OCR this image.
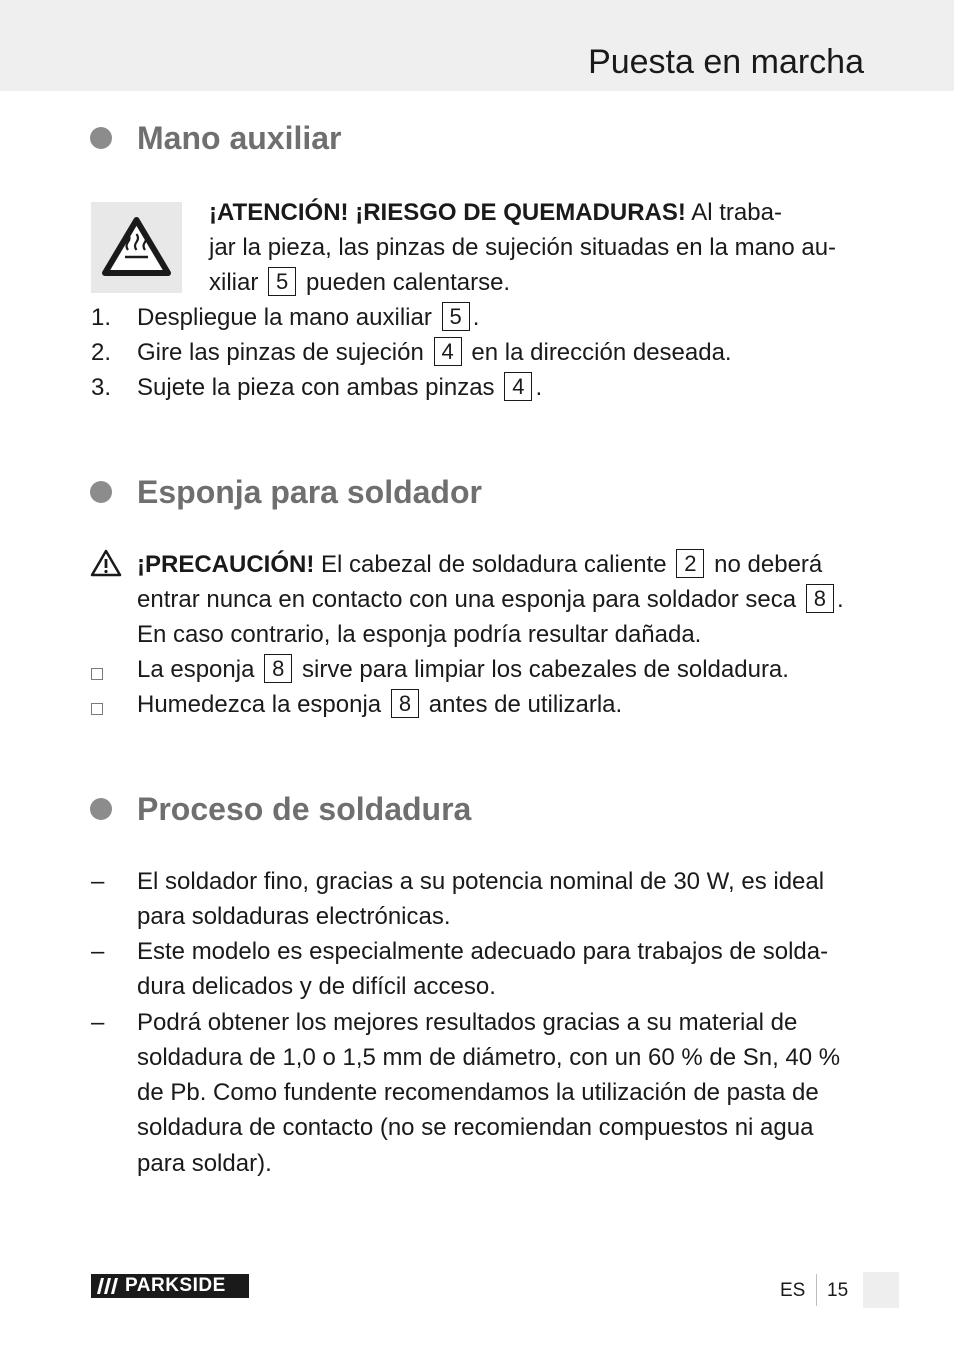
Puesta en marcha
Mano auxiliar
¡ATENCIÓN! ¡RIESGO DE QUEMADURAS! Al traba-
jar la pieza, las pinzas de sujeción situadas en la mano au-
xiliar 5 pueden calentarse.
1. Despliegue la mano auxiliar 5 .
2. Gire las pinzas de sujeción 4 en la dirección deseada.
3. Sujete la pieza con ambas pinzas 4 .
Esponja para soldador
¡PRECAUCIÓN! El cabezal de soldadura caliente 2 no deberá
entrar nunca en contacto con una esponja para soldador seca 8 .
En caso contrario, la esponja podría resultar dañada.
La esponja 8 sirve para limpiar los cabezales de soldadura.
Humedezca la esponja 8 antes de utilizarla.
Proceso de soldadura
– El soldador fino, gracias a su potencia nominal de 30 W, es ideal
para soldaduras electrónicas.
– Este modelo es especialmente adecuado para trabajos de solda-
dura delicados y de difícil acceso.
– Podrá obtener los mejores resultados gracias a su material de
soldadura de 1,0 o 1,5 mm de diámetro, con un 60 % de Sn, 40 %
de Pb. Como fundente recomendamos la utilización de pasta de
soldadura de contacto (no se recomiendan compuestos ni agua
para soldar).
PARKSIDE	ES 15
